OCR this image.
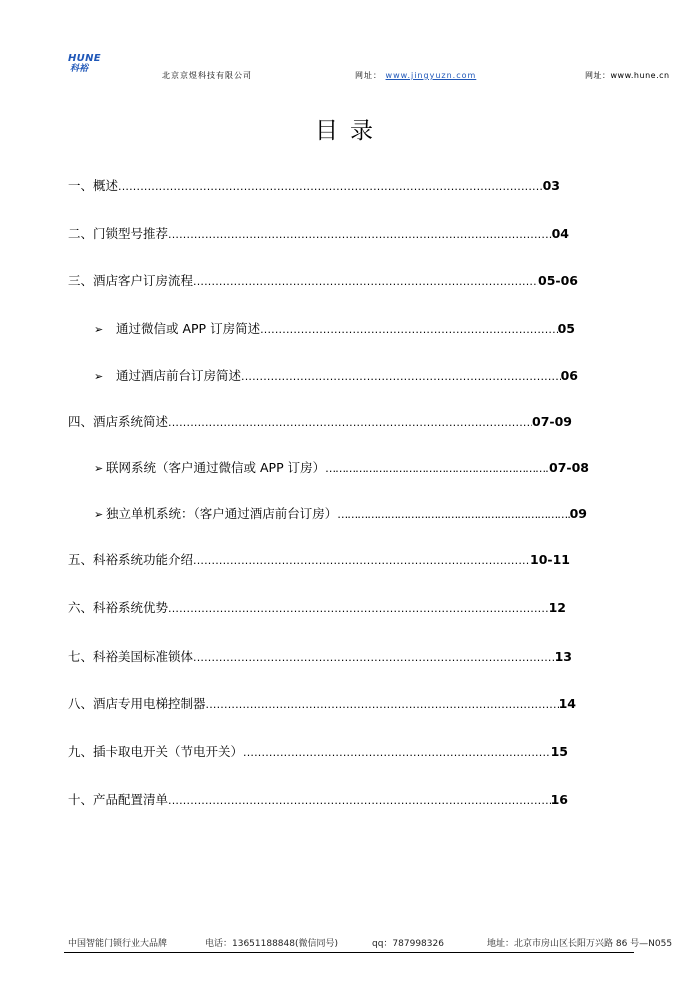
HUNE
科裕
北京京煜科技有限公司	网址： www.jingyuzn.com	网址：www.hune.cn
目录
一、概述 .....	03
二、门锁型号推荐 .....	04
三、酒店客户订房流程 .....	05-06
➢ 通过微信或 APP 订房简述 .....	05
➢ 通过酒店前台订房简述 .....	06
四、酒店系统简述 .....	07-09
➢ 联网系统（客户通过微信或 APP 订房） ……………………………………………………………………………………………………………	07-08
➢ 独立单机系统：（客户通过酒店前台订房） ……………………………………………………………………………………………………………	09
五、科裕系统功能介绍 .....	10-11
六、科裕系统优势 .....	12
七、科裕美国标准锁体 .....	13
八、酒店专用电梯控制器 .....	14
九、插卡取电开关（节电开关） .....	15
十、产品配置清单 .....	16
中国智能门锁行业大品牌	电话：13651188848(微信同号)	qq：787998326	地址：北京市房山区长阳万兴路 86 号—N055
